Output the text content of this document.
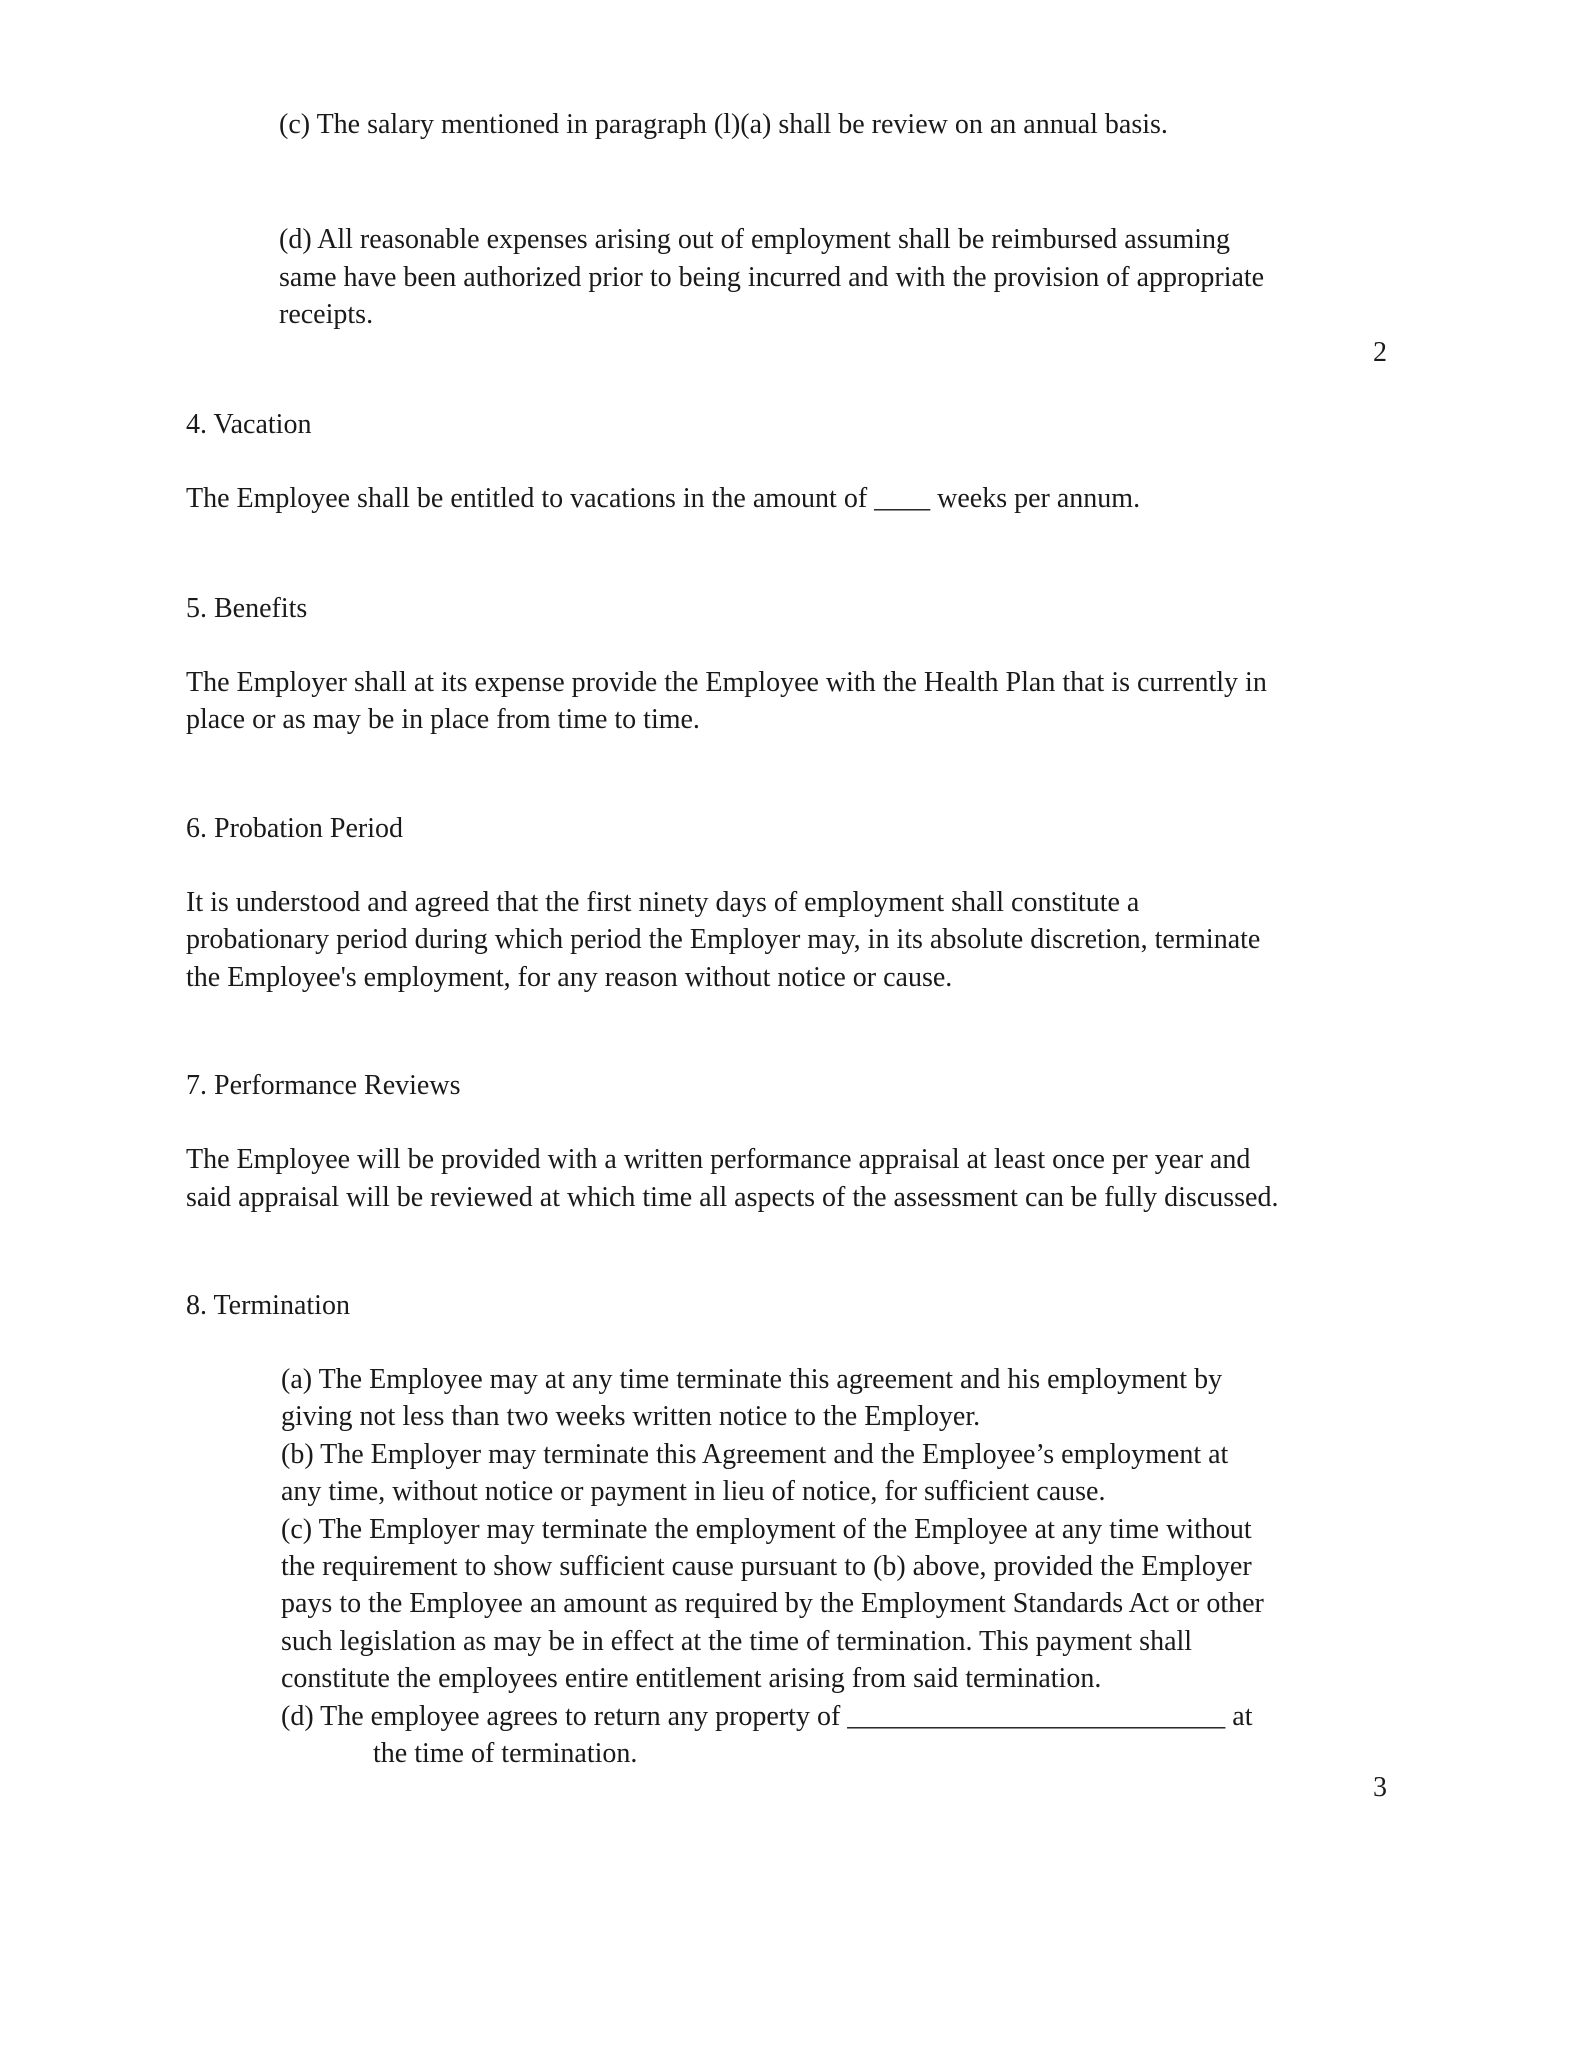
(c) The salary mentioned in paragraph (l)(a) shall be review on an annual basis.
(d) All reasonable expenses arising out of employment shall be reimbursed assuming
same have been authorized prior to being incurred and with the provision of appropriate
receipts.
2
4. Vacation
The Employee shall be entitled to vacations in the amount of ____ weeks per annum.
5. Benefits
The Employer shall at its expense provide the Employee with the Health Plan that is currently in
place or as may be in place from time to time.
6. Probation Period
It is understood and agreed that the first ninety days of employment shall constitute a
probationary period during which period the Employer may, in its absolute discretion, terminate
the Employee's employment, for any reason without notice or cause.
7. Performance Reviews
The Employee will be provided with a written performance appraisal at least once per year and
said appraisal will be reviewed at which time all aspects of the assessment can be fully discussed.
8. Termination
(a) The Employee may at any time terminate this agreement and his employment by
giving not less than two weeks written notice to the Employer.
(b) The Employer may terminate this Agreement and the Employee’s employment at
any time, without notice or payment in lieu of notice, for sufficient cause.
(c) The Employer may terminate the employment of the Employee at any time without
the requirement to show sufficient cause pursuant to (b) above, provided the Employer
pays to the Employee an amount as required by the Employment Standards Act or other
such legislation as may be in effect at the time of termination. This payment shall
constitute the employees entire entitlement arising from said termination.
(d) The employee agrees to return any property of ___________________________ at
the time of termination.
3
